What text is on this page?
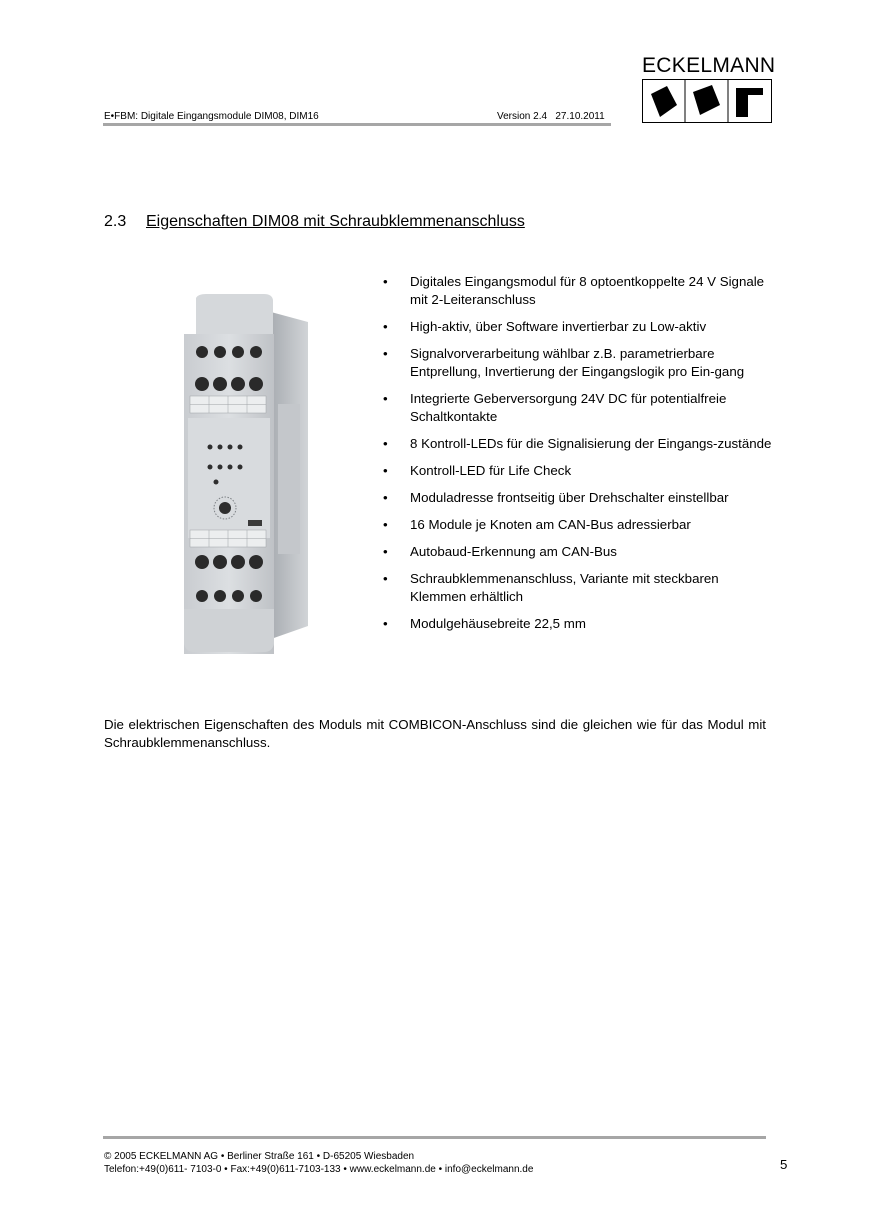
E•FBM: Digitale Eingangsmodule DIM08, DIM16	Version 2.4   27.10.2011
ECKELMANN
2.3 Eigenschaften DIM08 mit Schraubklemmenanschluss
• Digitales Eingangsmodul für 8 optoentkoppelte 24 V Signale mit 2-Leiteranschluss
• High-aktiv, über Software invertierbar zu Low-aktiv
• Signalvorverarbeitung wählbar z.B. parametrierbare Entprellung, Invertierung der Eingangslogik pro Ein-gang
• Integrierte Geberversorgung 24V DC für potentialfreie Schaltkontakte
• 8 Kontroll-LEDs für die Signalisierung der Eingangs-zustände
• Kontroll-LED für Life Check
• Moduladresse frontseitig über Drehschalter einstellbar
• 16 Module je Knoten am CAN-Bus adressierbar
• Autobaud-Erkennung am CAN-Bus
• Schraubklemmenanschluss, Variante mit steckbaren Klemmen erhältlich
• Modulgehäusebreite 22,5 mm
Die elektrischen Eigenschaften des Moduls mit COMBICON-Anschluss sind die gleichen wie für das Modul mit Schraubklemmenanschluss.
© 2005 ECKELMANN AG • Berliner Straße 161 • D-65205 Wiesbaden
Telefon:+49(0)611- 7103-0 • Fax:+49(0)611-7103-133 • www.eckelmann.de • info@eckelmann.de	5
